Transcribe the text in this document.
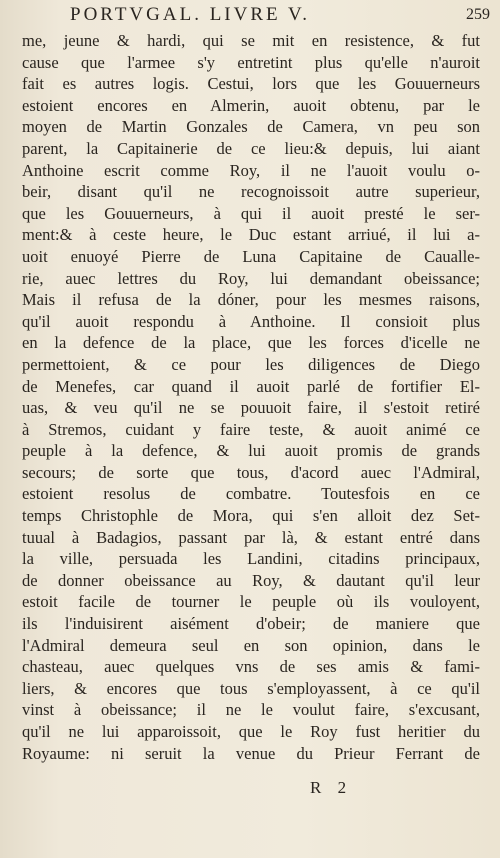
PORTVGAL. LIVRE V.	259
me, jeune & hardi, qui se mit en resistence, & fut
cause que l'armee s'y entretint plus qu'elle n'auroit
fait es autres logis. Cestui, lors que les Gouuerneurs
estoient encores en Almerin, auoit obtenu, par le
moyen de Martin Gonzales de Camera, vn peu son
parent, la Capitainerie de ce lieu:& depuis, lui aiant
Anthoine escrit comme Roy, il ne l'auoit voulu o-
beir, disant qu'il ne recognoissoit autre superieur,
que les Gouuerneurs, à qui il auoit presté le ser-
ment:& à ceste heure, le Duc estant arriué, il lui a-
uoit enuoyé Pierre de Luna Capitaine de Caualle-
rie, auec lettres du Roy, lui demandant obeissance;
Mais il refusa de la dóner, pour les mesmes raisons,
qu'il auoit respondu à Anthoine. Il consioit plus
en la defence de la place, que les forces d'icelle ne
permettoient, & ce pour les diligences de Diego
de Menefes, car quand il auoit parlé de fortifier El-
uas, & veu qu'il ne se pouuoit faire, il s'estoit retiré
à Stremos, cuidant y faire teste, & auoit animé ce
peuple à la defence, & lui auoit promis de grands
secours; de sorte que tous, d'acord auec l'Admiral,
estoient resolus de combatre. Toutesfois en ce
temps Christophle de Mora, qui s'en alloit dez Set-
tuual à Badagios, passant par là, & estant entré dans
la ville, persuada les Landini, citadins principaux,
de donner obeissance au Roy, & dautant qu'il leur
estoit facile de tourner le peuple où ils vouloyent,
ils l'induisirent aisément d'obeir; de maniere que
l'Admiral demeura seul en son opinion, dans le
chasteau, auec quelques vns de ses amis & fami-
liers, & encores que tous s'employassent, à ce qu'il
vinst à obeissance; il ne le voulut faire, s'excusant,
qu'il ne lui apparoissoit, que le Roy fust heritier du
Royaume: ni seruit la venue du Prieur Ferrant de
R 2
